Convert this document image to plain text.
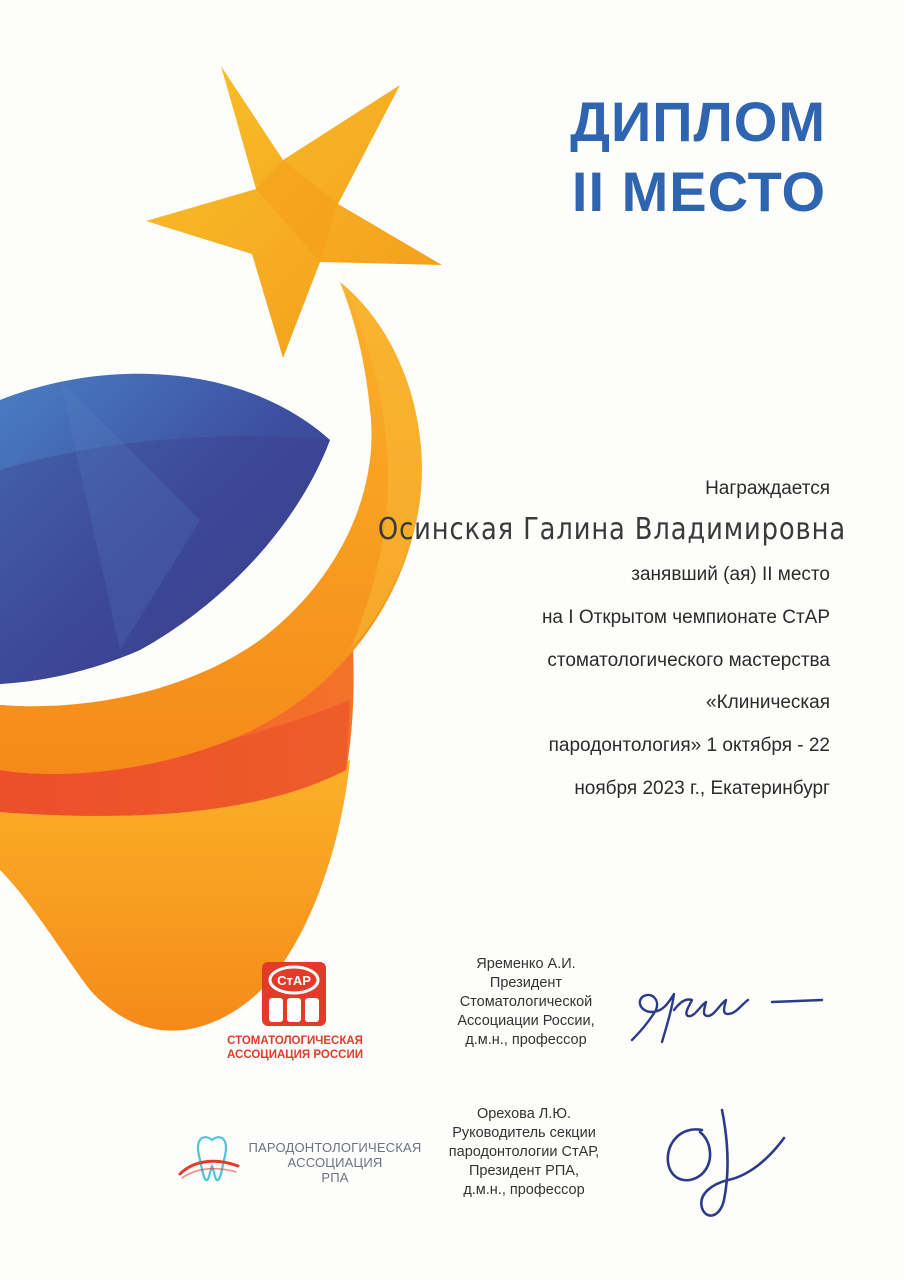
ДИПЛОМ
II МЕСТО
Награждается
Осинская Галина Владимировна
занявший (ая) II место
на I Открытом чемпионате СтАР
стоматологического мастерства
«Клиническая
пародонтология» 1 октября - 22
ноября 2023 г., Екатеринбург
СтАР
СТОМАТОЛОГИЧЕСКАЯ
АССОЦИАЦИЯ РОССИИ
ПАРОДОНТОЛОГИЧЕСКАЯ
АССОЦИАЦИЯ
РПА
Яременко А.И.
Президент
Стоматологической
Ассоциации России,
д.м.н., профессор
Орехова Л.Ю.
Руководитель секции
пародонтологии СтАР,
Президент РПА,
д.м.н., профессор
